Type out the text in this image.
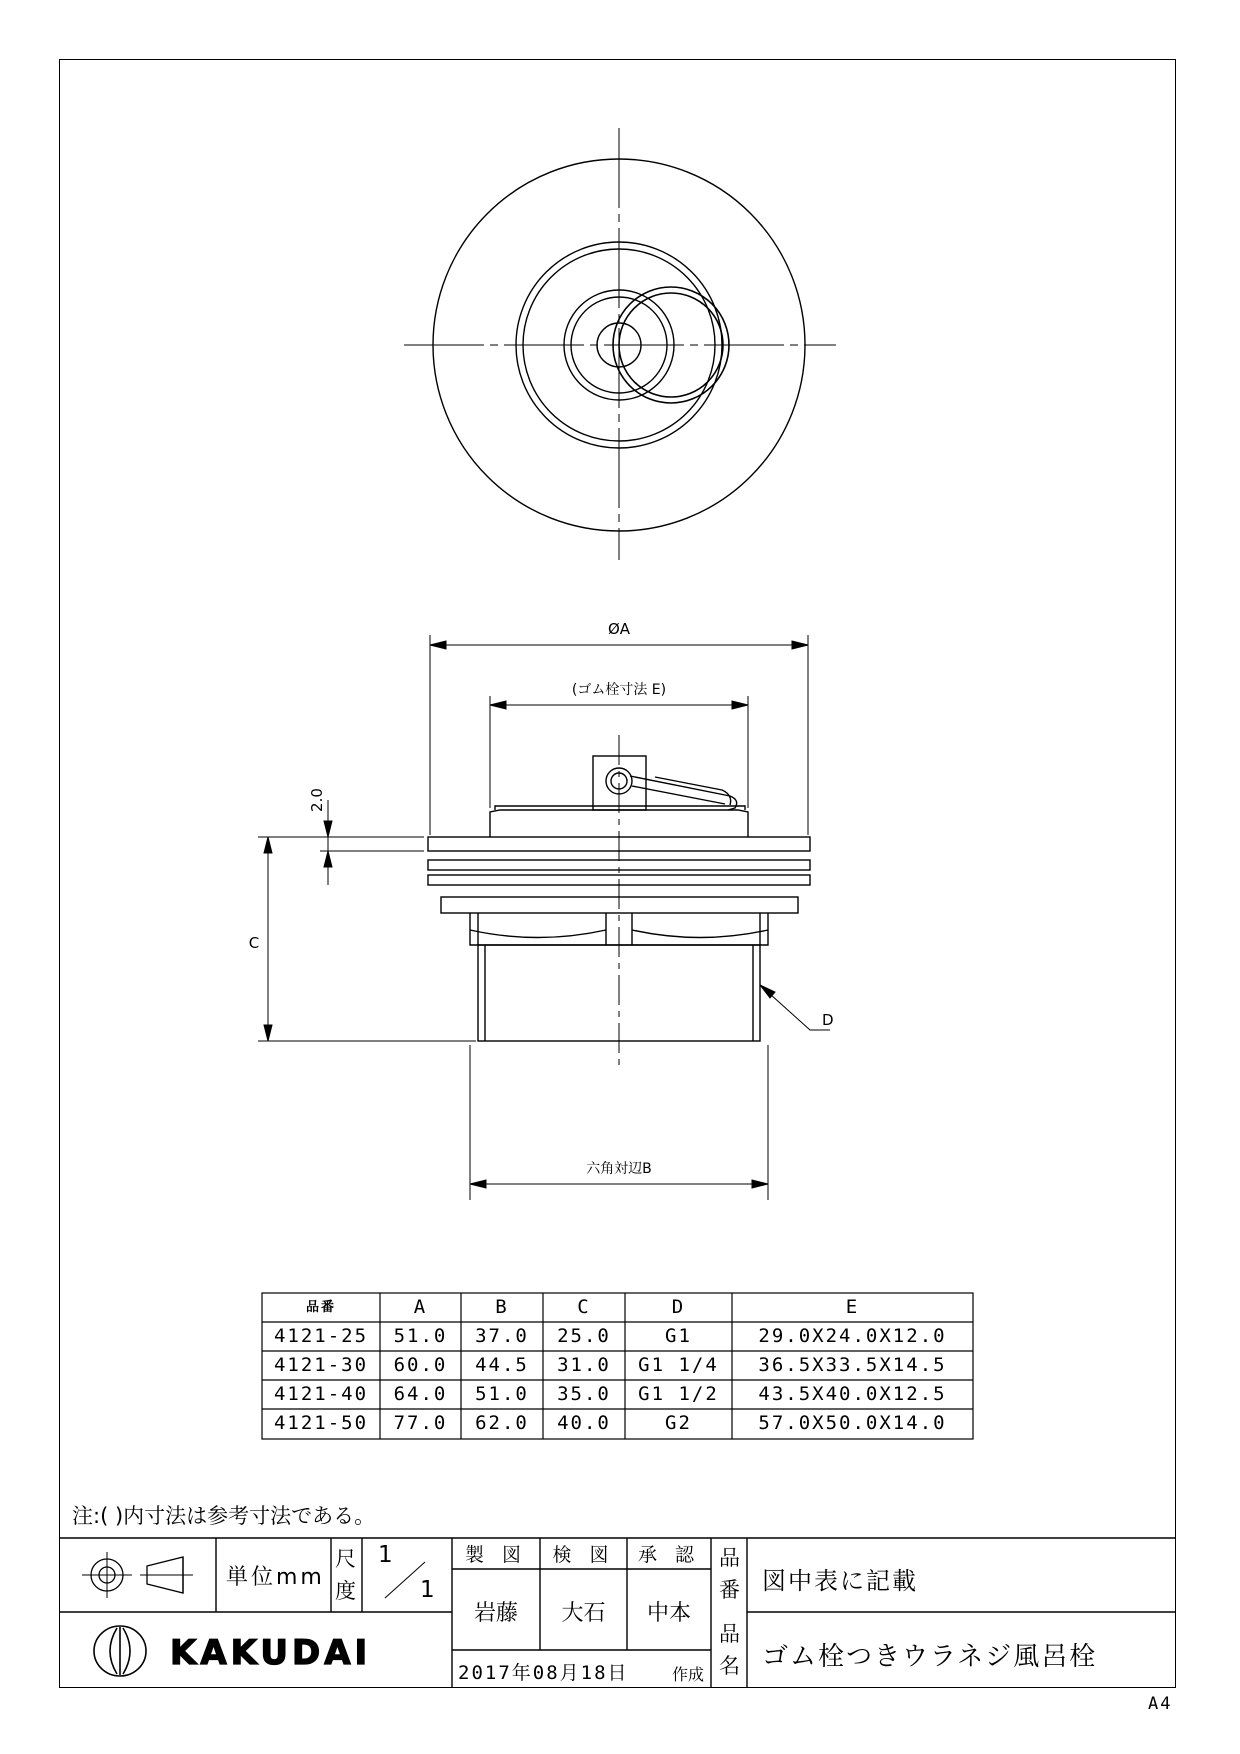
ØA
(ゴム栓寸法 E)
六角対辺B
C
D
2.0
KAKUDAI
品番	A	B	C	D	E
4121-25	51.0	37.0	25.0	G1	29.0X24.0X12.0
4121-30	60.0	44.5	31.0	G1 1/4	36.5X33.5X14.5
4121-40	64.0	51.0	35.0	G1 1/2	43.5X40.0X12.5
4121-50	77.0	62.0	40.0	G2	57.0X50.0X14.0
注:( )内寸法は参考寸法である。
単位mm
尺
度
1
1
製 図	検 図	承 認
岩藤	大石	中本
品
番 図中表に記載
品
名 ゴム栓つきウラネジ風呂栓
2017年08月18日	作成
A4
